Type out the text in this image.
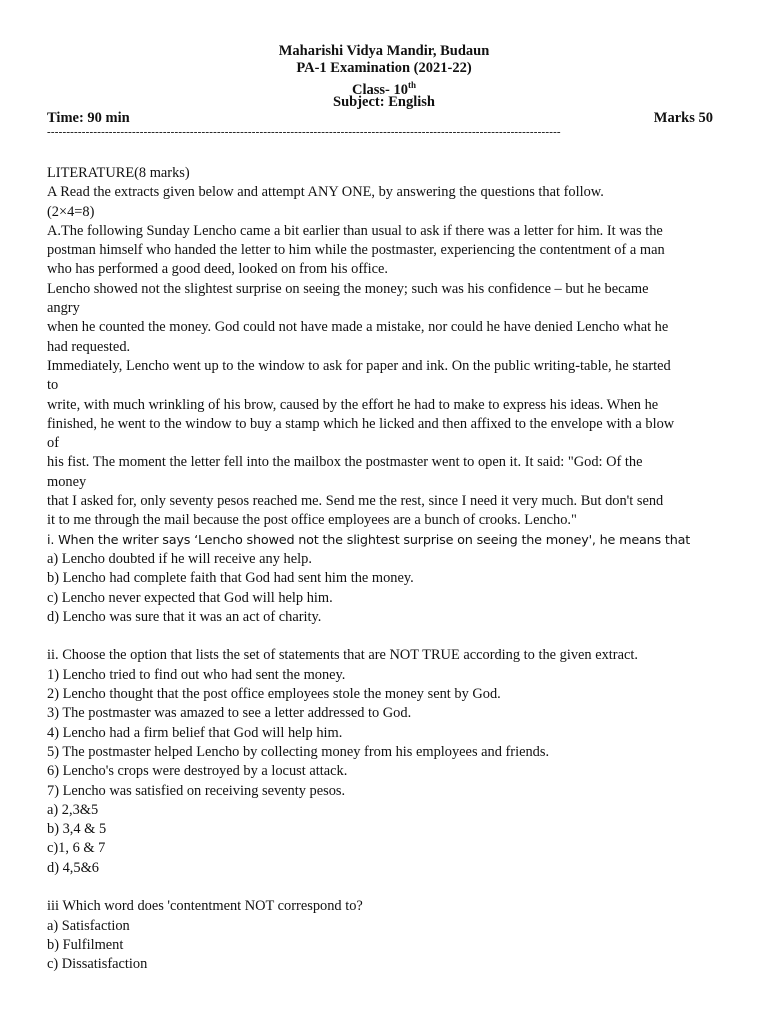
Maharishi Vidya Mandir, Budaun
PA-1 Examination (2021-22)
Class- 10th
Subject: English
Time: 90 min	Marks 50
-------------------------------------------------------------------------------------------------------------------------------------

LITERATURE(8 marks)

A Read the extracts given below and attempt ANY ONE, by answering the questions that follow.

(2×4=8)

A.The following Sunday Lencho came a bit earlier than usual to ask if there was a letter for him. It was the

postman himself who handed the letter to him while the postmaster, experiencing the contentment of a man

who has performed a good deed, looked on from his office.

Lencho showed not the slightest surprise on seeing the money; such was his confidence – but he became

angry

when he counted the money. God could not have made a mistake, nor could he have denied Lencho what he

had requested.

Immediately, Lencho went up to the window to ask for paper and ink. On the public writing-table, he started

to

write, with much wrinkling of his brow, caused by the effort he had to make to express his ideas. When he

finished, he went to the window to buy a stamp which he licked and then affixed to the envelope with a blow

of

his fist. The moment the letter fell into the mailbox the postmaster went to open it. It said: "God: Of the

money

that I asked for, only seventy pesos reached me. Send me the rest, since I need it very much. But don't send

it to me through the mail because the post office employees are a bunch of crooks. Lencho."

i. When the writer says ‘Lencho showed not the slightest surprise on seeing the money', he means that

a) Lencho doubted if he will receive any help.

b) Lencho had complete faith that God had sent him the money.

c) Lencho never expected that God will help him.

d) Lencho was sure that it was an act of charity.

ii. Choose the option that lists the set of statements that are NOT TRUE according to the given extract.

1) Lencho tried to find out who had sent the money.

2) Lencho thought that the post office employees stole the money sent by God.

3) The postmaster was amazed to see a letter addressed to God.

4) Lencho had a firm belief that God will help him.

5) The postmaster helped Lencho by collecting money from his employees and friends.

6) Lencho's crops were destroyed by a locust attack.

7) Lencho was satisfied on receiving seventy pesos.

a) 2,3&5

b) 3,4 & 5

c)1, 6 & 7

d) 4,5&6

iii Which word does 'contentment NOT correspond to?

a) Satisfaction

b) Fulfilment

c) Dissatisfaction
